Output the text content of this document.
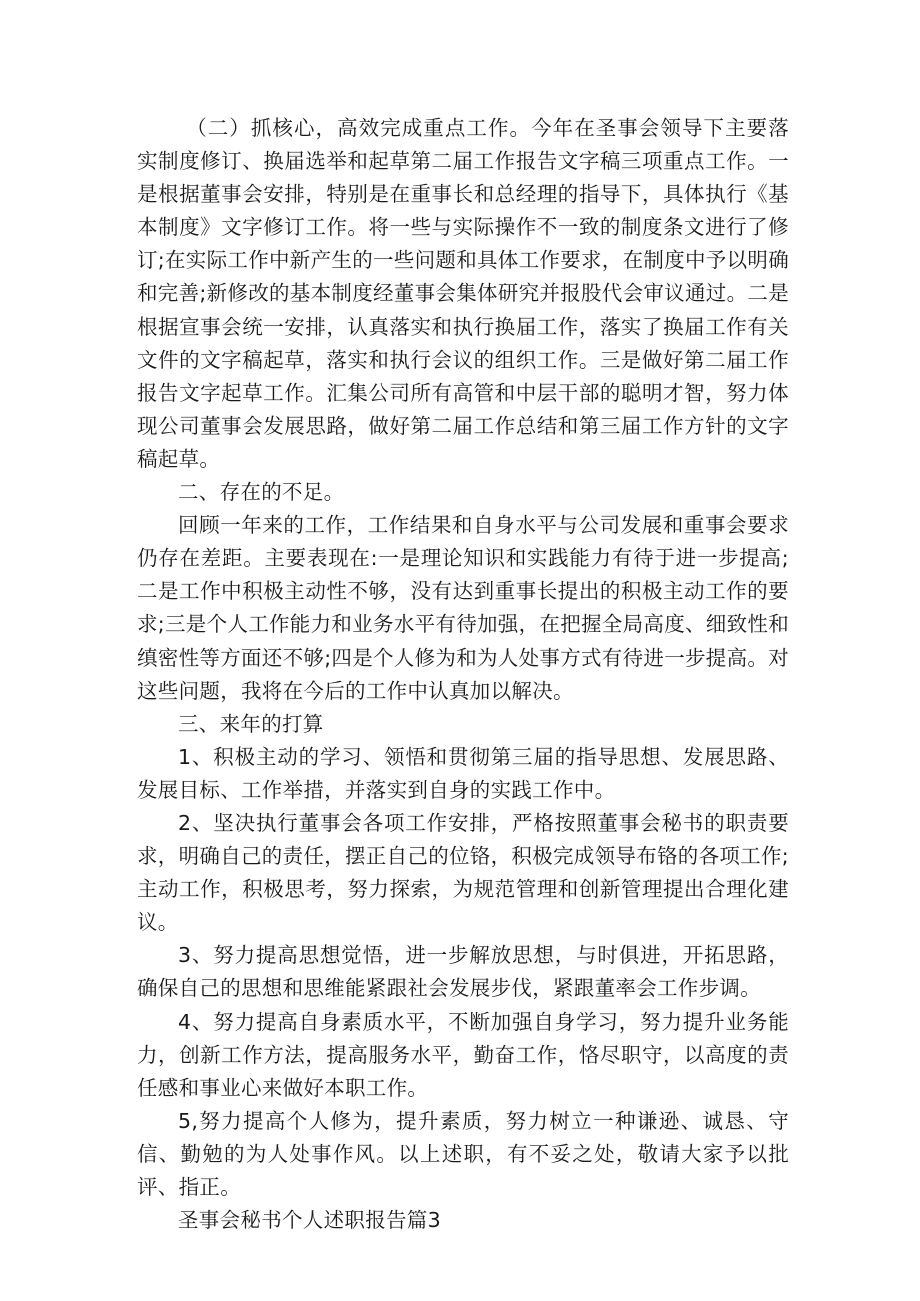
（二）抓核心，高效完成重点工作。今年在圣事会领导下主要落实制度修订、换届选举和起草第二届工作报告文字稿三项重点工作。一是根据董事会安排，特别是在重事长和总经理的指导下，具体执行《基本制度》文字修订工作。将一些与实际操作不一致的制度条文进行了修订;在实际工作中新产生的一些问题和具体工作要求，在制度中予以明确和完善;新修改的基本制度经董事会集体研究并报股代会审议通过。二是根据宣事会统一安排，认真落实和执行换届工作，落实了换届工作有关文件的文字稿起草，落实和执行会议的组织工作。三是做好第二届工作报告文字起草工作。汇集公司所有高管和中层干部的聪明才智，努力体现公司董事会发展思路，做好第二届工作总结和第三届工作方针的文字稿起草。

二、存在的不足。

回顾一年来的工作，工作结果和自身水平与公司发展和重事会要求仍存在差距。主要表现在:一是理论知识和实践能力有待于进一步提高;二是工作中积极主动性不够，没有达到重事长提出的积极主动工作的要求;三是个人工作能力和业务水平有待加强，在把握全局高度、细致性和缜密性等方面还不够;四是个人修为和为人处事方式有待进一步提高。对这些问题，我将在今后的工作中认真加以解决。

三、来年的打算

1、积极主动的学习、领悟和贯彻第三届的指导思想、发展思路、发展目标、工作举措，并落实到自身的实践工作中。

2、坚决执行董事会各项工作安排，严格按照董事会秘书的职责要求，明确自己的责任，摆正自己的位铬，积极完成领导布铬的各项工作;主动工作，积极思考，努力探索，为规范管理和创新管理提出合理化建议。

3、努力提高思想觉悟，进一步解放思想，与时俱进，开拓思路，确保自己的思想和思维能紧跟社会发展步伐，紧跟董率会工作步调。

4、努力提高自身素质水平，不断加强自身学习，努力提升业务能力，创新工作方法，提高服务水平，勤奋工作，恪尽职守，以高度的责任感和事业心来做好本职工作。

5,努力提高个人修为，提升素质，努力树立一种谦逊、诚恳、守信、勤勉的为人处事作风。以上述职，有不妥之处，敬请大家予以批评、指正。

圣事会秘书个人述职报告篇3
